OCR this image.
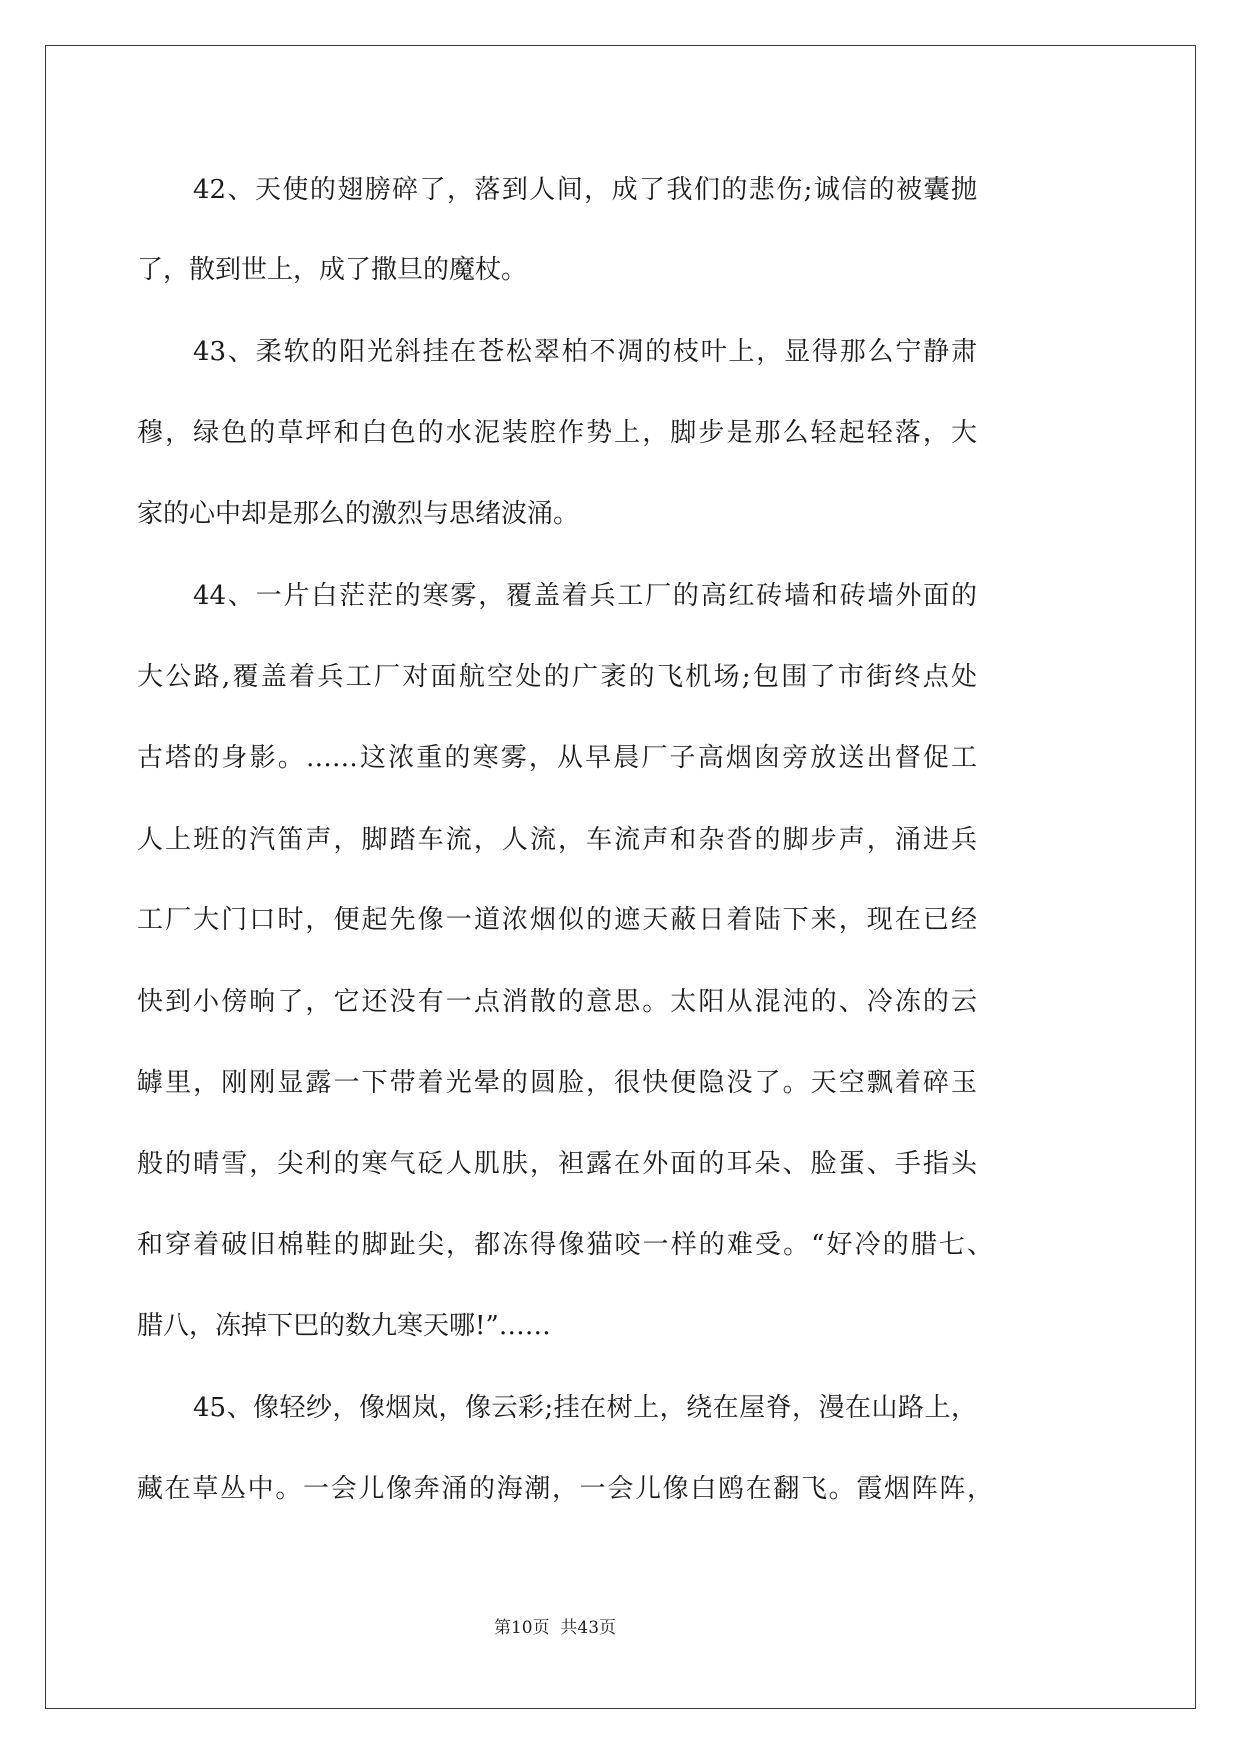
42、天使的翅膀碎了，落到人间，成了我们的悲伤;诚信的被囊抛
了，散到世上，成了撒旦的魔杖。
43、柔软的阳光斜挂在苍松翠柏不凋的枝叶上，显得那么宁静肃
穆，绿色的草坪和白色的水泥装腔作势上，脚步是那么轻起轻落，大
家的心中却是那么的激烈与思绪波涌。
44、一片白茫茫的寒雾，覆盖着兵工厂的高红砖墙和砖墙外面的
大公路,覆盖着兵工厂对面航空处的广袤的飞机场;包围了市街终点处
古塔的身影。……这浓重的寒雾，从早晨厂子高烟囱旁放送出督促工
人上班的汽笛声，脚踏车流，人流，车流声和杂沓的脚步声，涌进兵
工厂大门口时，便起先像一道浓烟似的遮天蔽日着陆下来，现在已经
快到小傍晌了，它还没有一点消散的意思。太阳从混沌的、冷冻的云
罅里，刚刚显露一下带着光晕的圆脸，很快便隐没了。天空飘着碎玉
般的晴雪，尖利的寒气砭人肌肤，袒露在外面的耳朵、脸蛋、手指头
和穿着破旧棉鞋的脚趾尖，都冻得像猫咬一样的难受。“好冷的腊七、
腊八，冻掉下巴的数九寒天哪!”……
45、像轻纱，像烟岚，像云彩;挂在树上，绕在屋脊，漫在山路上，
藏在草丛中。一会儿像奔涌的海潮，一会儿像白鸥在翻飞。霞烟阵阵，
第10页  共43页
